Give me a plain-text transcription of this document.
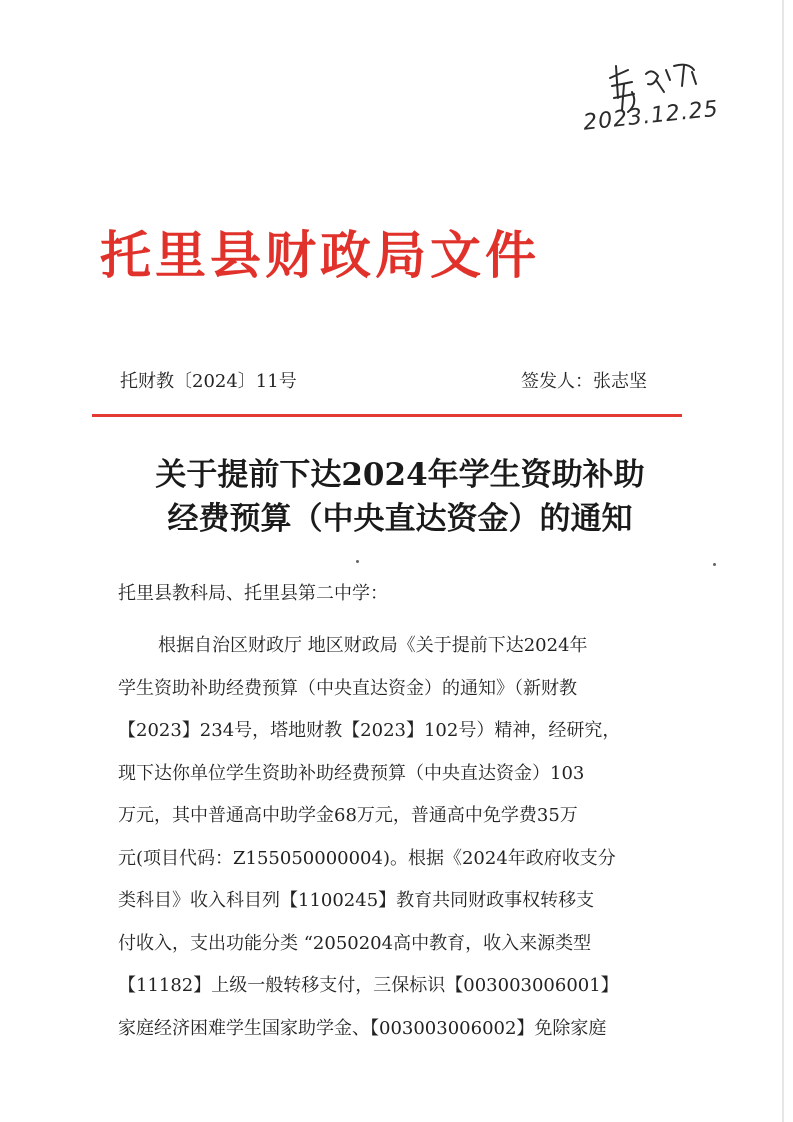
2023.12.25
托里县财政局文件
托财教〔2024〕11号	签发人：张志坚
关于提前下达2024年学生资助补助
经费预算（中央直达资金）的通知
托里县教科局、托里县第二中学：
根据自治区财政厅 地区财政局《关于提前下达2024年
学生资助补助经费预算（中央直达资金）的通知》（新财教
【2023】234号，塔地财教【2023】102号）精神，经研究，
现下达你单位学生资助补助经费预算（中央直达资金）103
万元，其中普通高中助学金68万元，普通高中免学费35万
元(项目代码：Z155050000004)。根据《2024年政府收支分
类科目》收入科目列【1100245】教育共同财政事权转移支
付收入，支出功能分类 “2050204高中教育，收入来源类型
【11182】上级一般转移支付，三保标识【003003006001】
家庭经济困难学生国家助学金、【003003006002】免除家庭
